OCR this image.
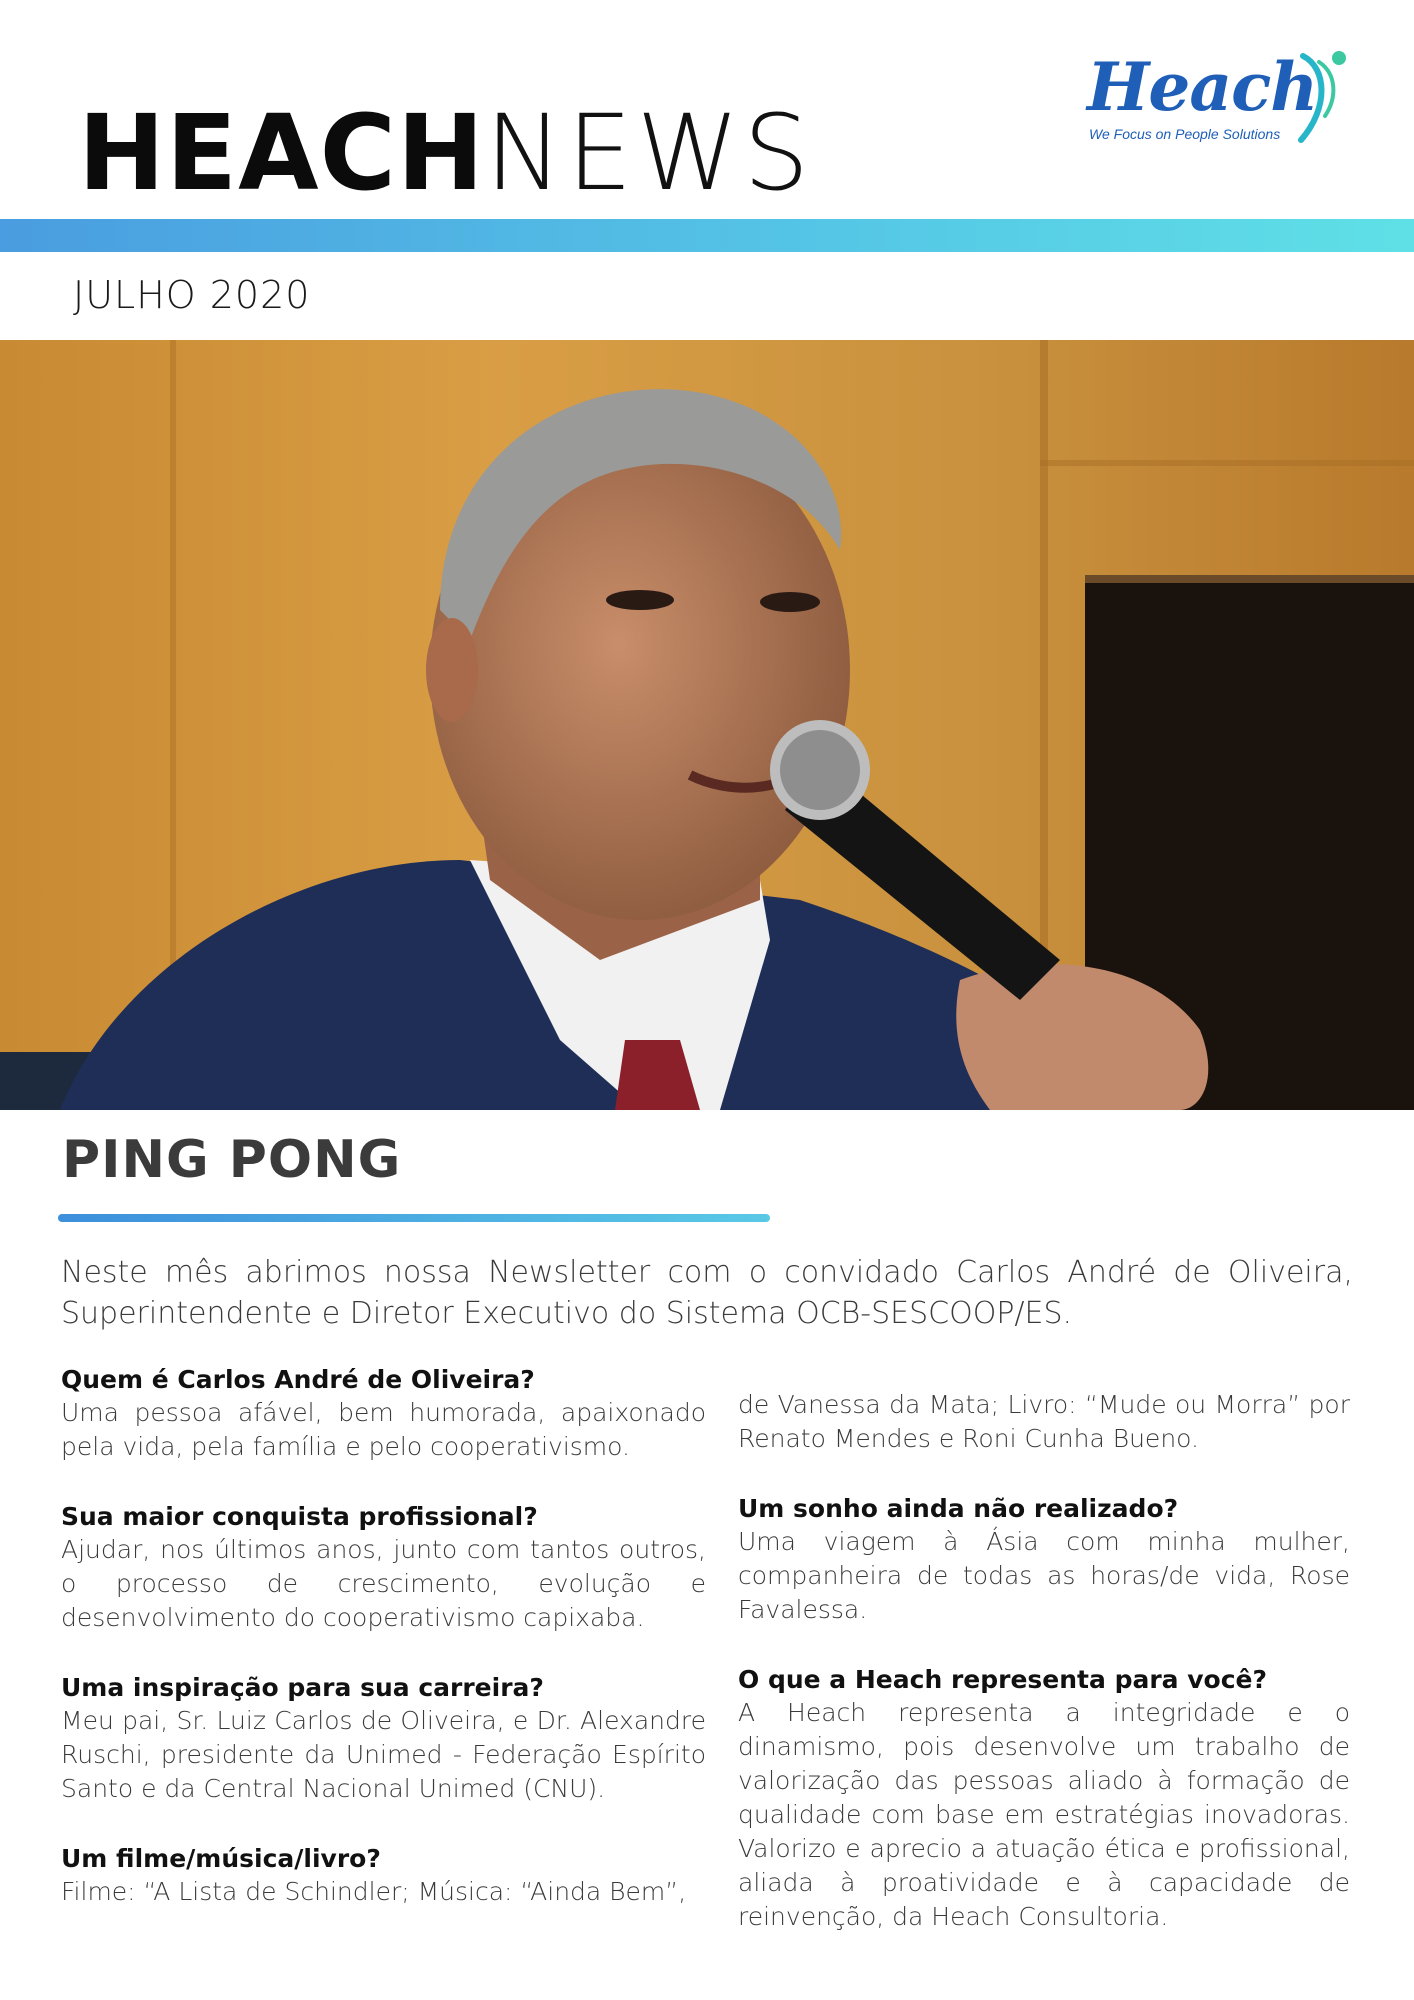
HEACH NEWS
Heach
We Focus on People Solutions
JULHO 2020
PING PONG

Neste mês abrimos nossa Newsletter com o convidado Carlos André de Oliveira, Superintendente e Diretor Executivo do Sistema OCB-SESCOOP/ES.

Quem é Carlos André de Oliveira?

Uma pessoa afável, bem humorada, apaixonado pela vida, pela família e pelo cooperativismo.

Sua maior conquista profissional?

Ajudar, nos últimos anos, junto com tantos outros, o processo de crescimento, evolução e desenvolvimento do cooperativismo capixaba.

Uma inspiração para sua carreira?

Meu pai, Sr. Luiz Carlos de Oliveira, e Dr. Alexandre Ruschi, presidente da Unimed - Federação Espírito Santo e da Central Nacional Unimed (CNU).

Um filme/música/livro?

Filme: “A Lista de Schindler; Música: “Ainda Bem”,

de Vanessa da Mata; Livro: “Mude ou Morra” por Renato Mendes e Roni Cunha Bueno.

Um sonho ainda não realizado?

Uma viagem à Ásia com minha mulher, companheira de todas as horas/de vida, Rose Favalessa.

O que a Heach representa para você?

A Heach representa a integridade e o dinamismo, pois desenvolve um trabalho de valorização das pessoas aliado à formação de qualidade com base em estratégias inovadoras. Valorizo e aprecio a atuação ética e profissional, aliada à proatividade e à capacidade de reinvenção, da Heach Consultoria.
